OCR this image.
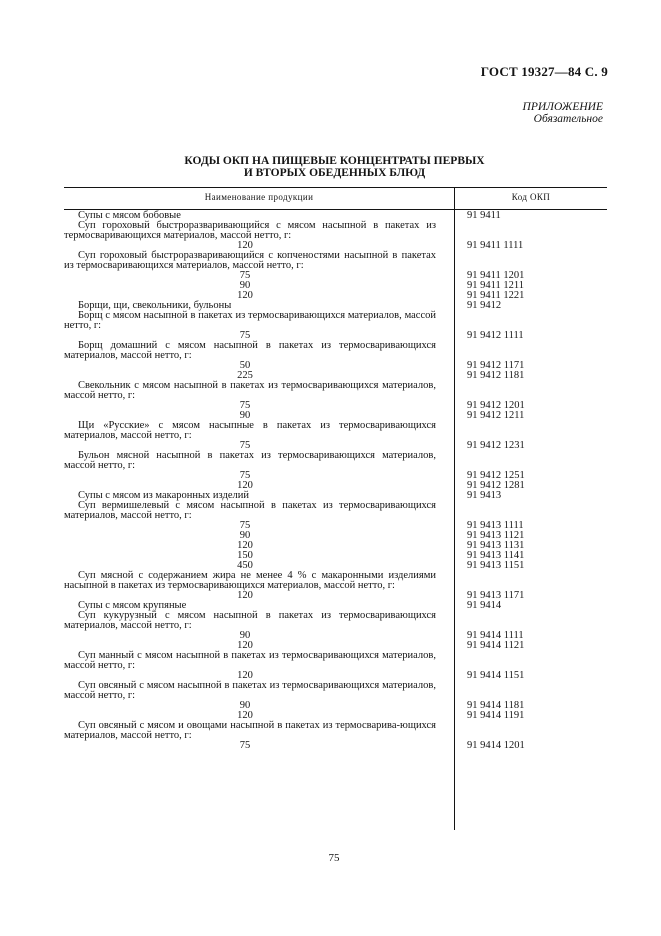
ГОСТ 19327—84 С. 9
ПРИЛОЖЕНИЕ
Обязательное
КОДЫ ОКП НА ПИЩЕВЫЕ КОНЦЕНТРАТЫ ПЕРВЫХ
И ВТОРЫХ ОБЕДЕННЫХ БЛЮД
Наименование продукции	Код ОКП
Супы с мясом бобовые	91 9411
Суп гороховый быстроразваривающийся с мясом насыпной в пакетах из термосваривающихся материалов, массой нетто, г:
120	91 9411 1111
Суп гороховый быстроразваривающийся с копченостями насыпной в пакетах из термосваривающихся материалов, массой нетто, г:
75	91 9411 1201
90	91 9411 1211
120	91 9411 1221
Борщи, щи, свекольники, бульоны	91 9412
Борщ с мясом насыпной в пакетах из термосваривающихся материалов, массой нетто, г:
75	91 9412 1111
Борщ домашний с мясом насыпной в пакетах из термосваривающихся материалов, массой нетто, г:
50	91 9412 1171
225	91 9412 1181
Свекольник с мясом насыпной в пакетах из термосваривающихся материалов, массой нетто, г:
75	91 9412 1201
90	91 9412 1211
Щи «Русские» с мясом насыпные в пакетах из термосваривающихся материалов, массой нетто, г:
75	91 9412 1231
Бульон мясной насыпной в пакетах из термосваривающихся материалов, массой нетто, г:
75	91 9412 1251
120	91 9412 1281
Супы с мясом из макаронных изделий	91 9413
Суп вермишелевый с мясом насыпной в пакетах из термосваривающихся материалов, массой нетто, г:
75	91 9413 1111
90	91 9413 1121
120	91 9413 1131
150	91 9413 1141
450	91 9413 1151
Суп мясной с содержанием жира не менее 4 % с макаронными изделиями насыпной в пакетах из термосваривающихся материалов, массой нетто, г:
120	91 9413 1171
Супы с мясом крупяные	91 9414
Суп кукурузный с мясом насыпной в пакетах из термосваривающихся материалов, массой нетто, г:
90	91 9414 1111
120	91 9414 1121
Суп манный с мясом насыпной в пакетах из термосваривающихся материалов, массой нетто, г:
120	91 9414 1151
Суп овсяный с мясом насыпной в пакетах из термосваривающихся материалов, массой нетто, г:
90	91 9414 1181
120	91 9414 1191
Суп овсяный с мясом и овощами насыпной в пакетах из термосварива-ющихся материалов, массой нетто, г:
75	91 9414 1201
75
